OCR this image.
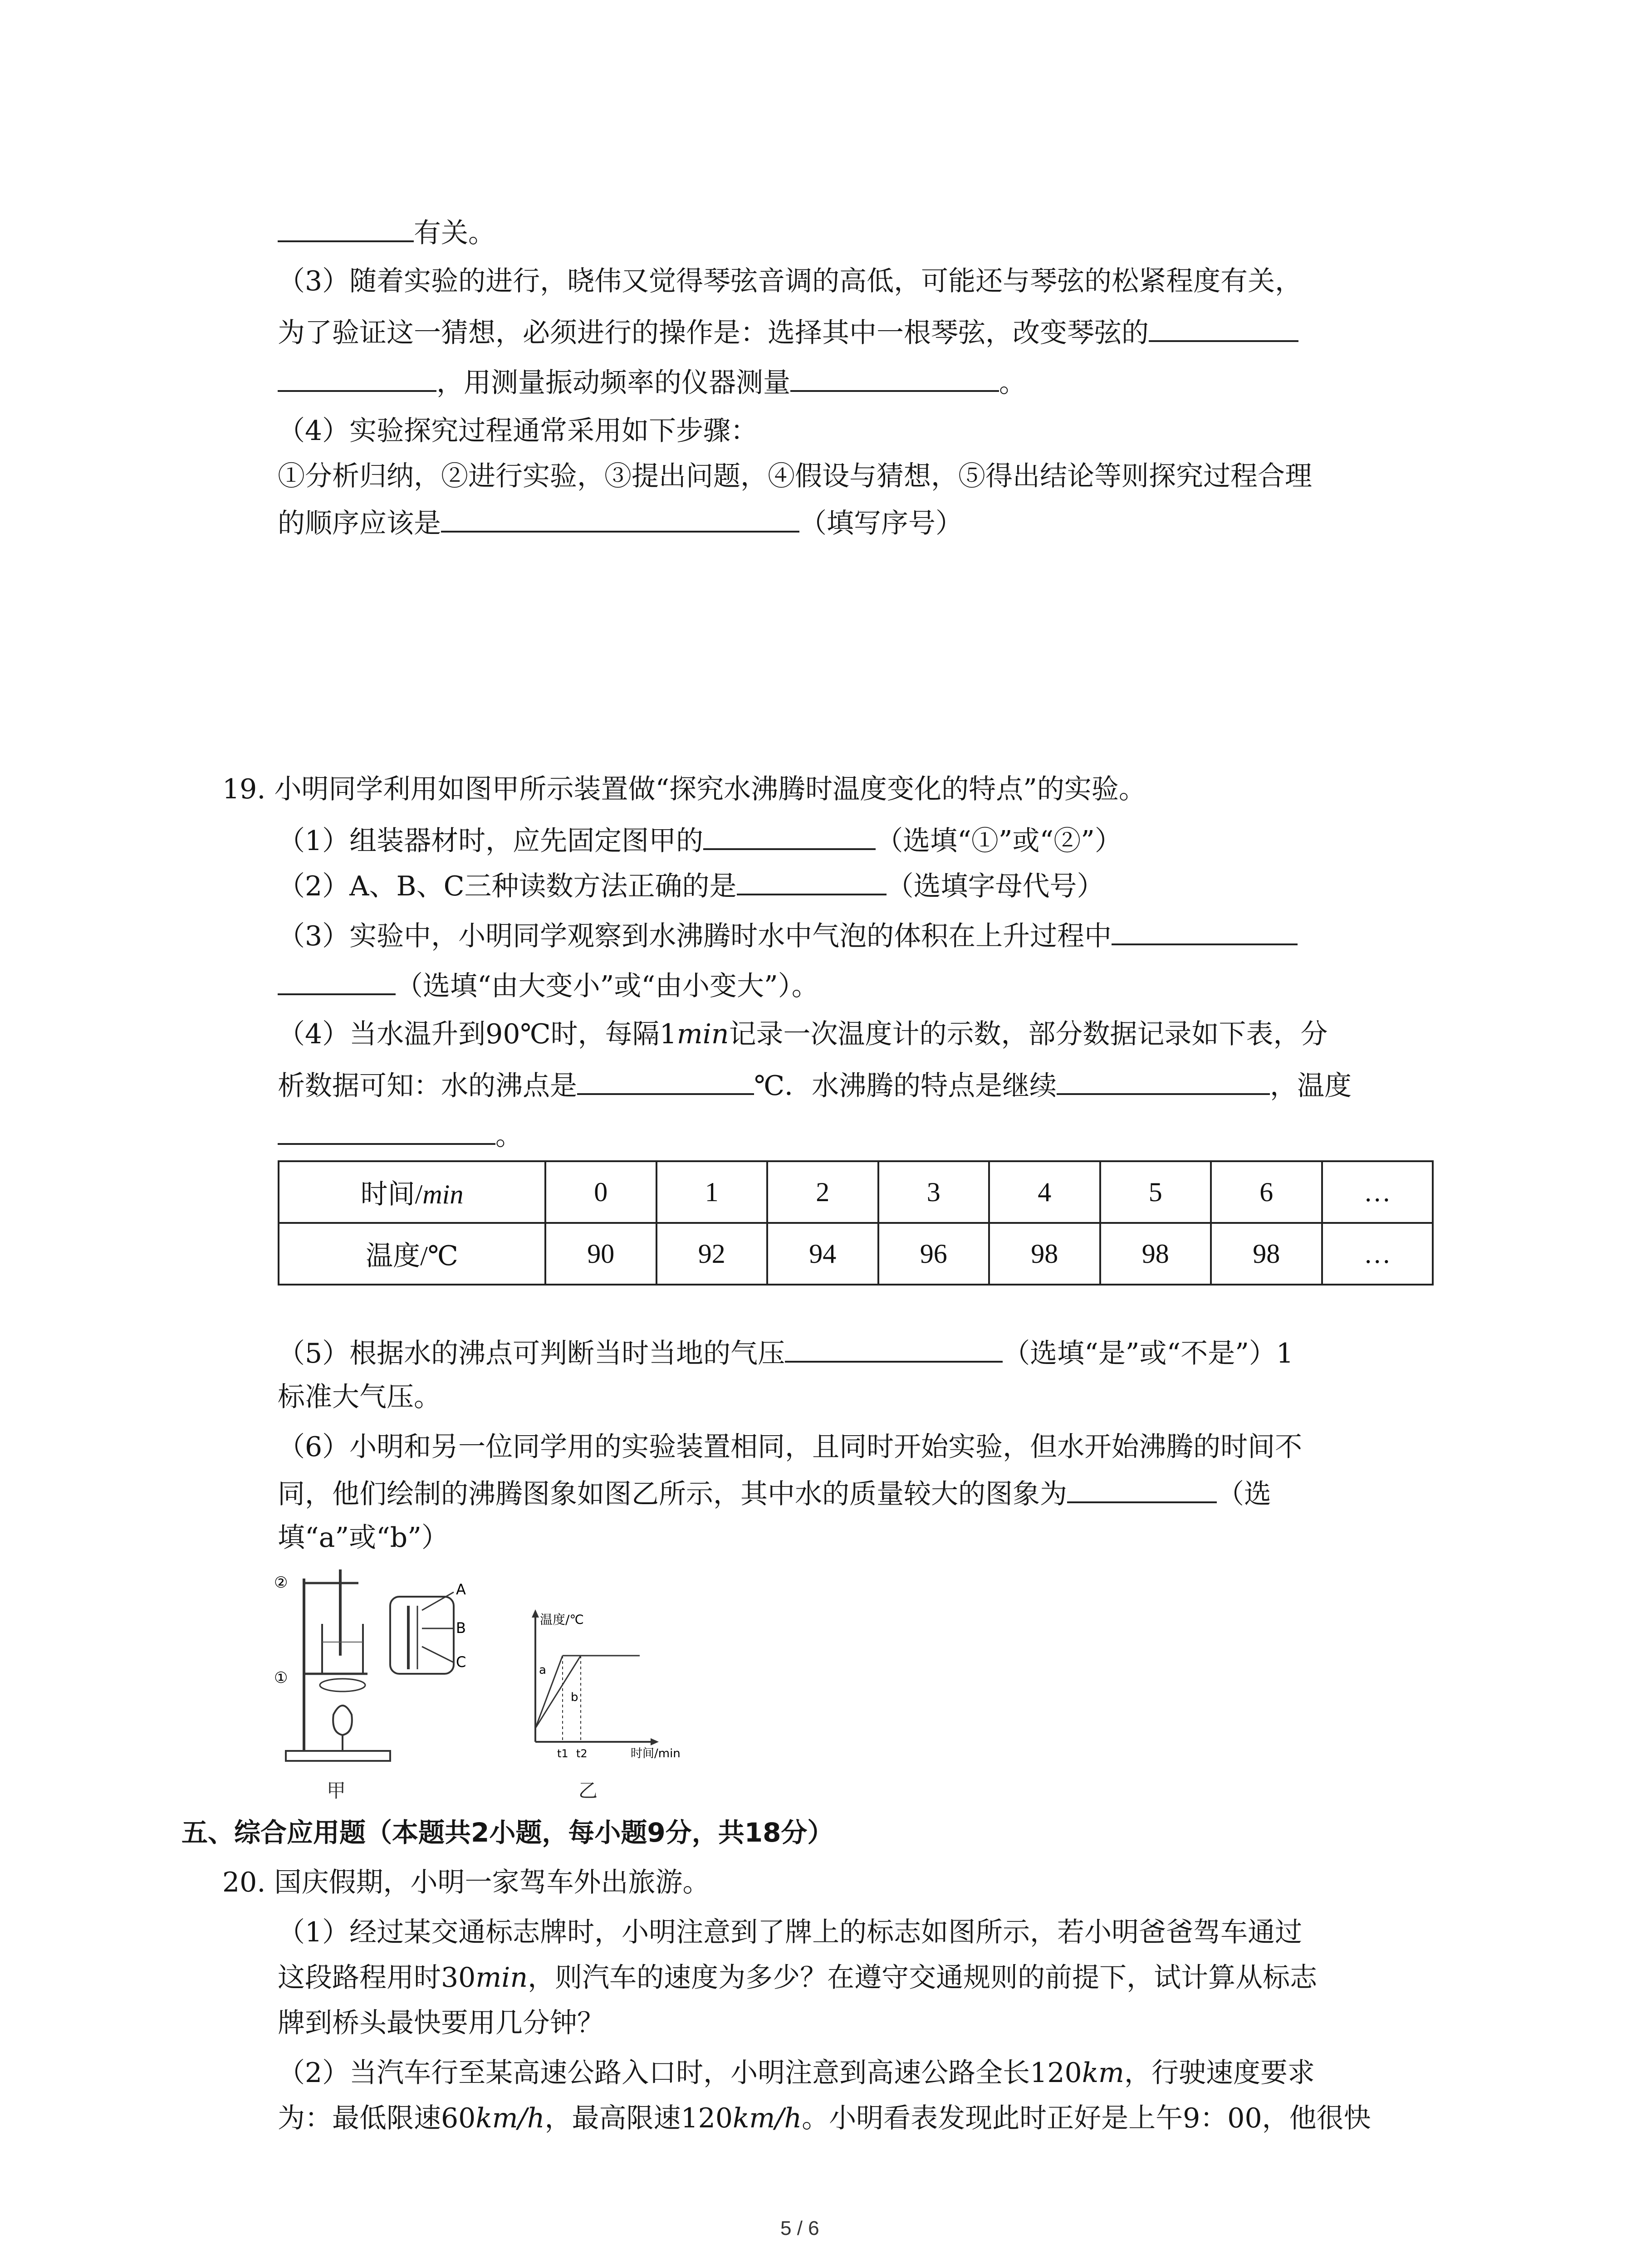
有关。
（3）随着实验的进行，晓伟又觉得琴弦音调的高低，可能还与琴弦的松紧程度有关，
为了验证这一猜想，必须进行的操作是：选择其中一根琴弦，改变琴弦的
，用测量振动频率的仪器测量	。
（4）实验探究过程通常采用如下步骤：
①分析归纳，②进行实验，③提出问题，④假设与猜想，⑤得出结论等则探究过程合理
的顺序应该是	（填写序号）
19. 小明同学利用如图甲所示装置做“探究水沸腾时温度变化的特点”的实验。
（1）组装器材时，应先固定图甲的	（选填“①”或“②”）
（2）A、B、C三种读数方法正确的是	（选填字母代号）
（3）实验中，小明同学观察到水沸腾时水中气泡的体积在上升过程中
（选填“由大变小”或“由小变大”）。
（4）当水温升到90℃时，每隔1min记录一次温度计的示数，部分数据记录如下表，分
析数据可知：水的沸点是	℃．水沸腾的特点是继续	，温度
。
时间/min	0	1	2	3	4	5	6	…
温度/℃	90	92	94	96	98	98	98	…
（5）根据水的沸点可判断当时当地的气压	（选填“是”或“不是”）1
标准大气压。
（6）小明和另一位同学用的实验装置相同，且同时开始实验，但水开始沸腾的时间不
同，他们绘制的沸腾图象如图乙所示，其中水的质量较大的图象为	（选
填“a”或“b”）
②
①
A
B
C
甲
温度/℃
a
b
t1 t2	时间/min
乙
五、综合应用题（本题共2小题，每小题9分，共18分）
20. 国庆假期，小明一家驾车外出旅游。
（1）经过某交通标志牌时，小明注意到了牌上的标志如图所示，若小明爸爸驾车通过
这段路程用时30min，则汽车的速度为多少？在遵守交通规则的前提下，试计算从标志
牌到桥头最快要用几分钟？
（2）当汽车行至某高速公路入口时，小明注意到高速公路全长120km，行驶速度要求
为：最低限速60km/h，最高限速120km/h。小明看表发现此时正好是上午9：00，他很快
5 / 6
